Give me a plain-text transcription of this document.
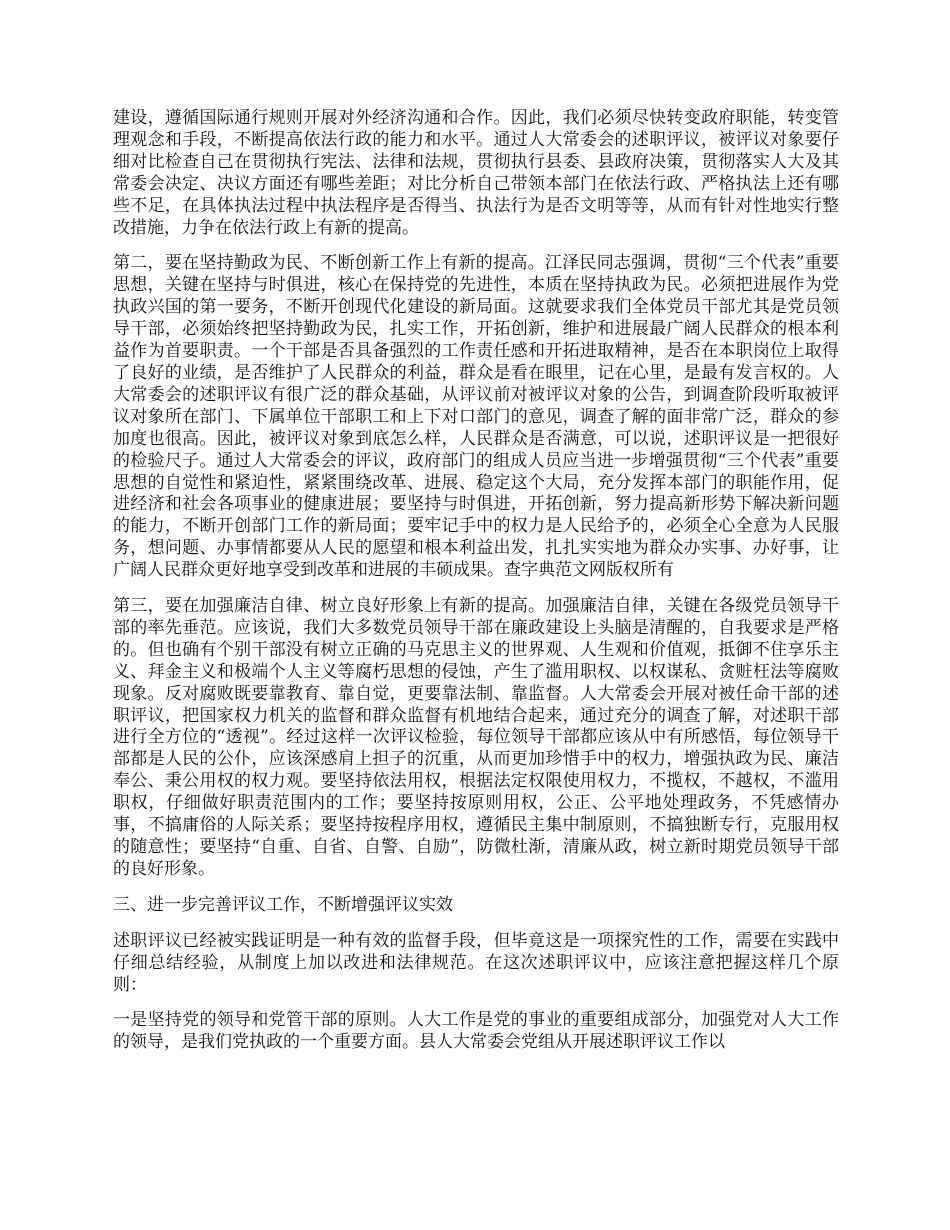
建设，遵循国际通行规则开展对外经济沟通和合作。因此，我们必须尽快转变政府职能，转变管理观念和手段，不断提高依法行政的能力和水平。通过人大常委会的述职评议，被评议对象要仔细对比检查自己在贯彻执行宪法、法律和法规，贯彻执行县委、县政府决策，贯彻落实人大及其常委会决定、决议方面还有哪些差距；对比分析自己带领本部门在依法行政、严格执法上还有哪些不足，在具体执法过程中执法程序是否得当、执法行为是否文明等等，从而有针对性地实行整改措施，力争在依法行政上有新的提高。

第二，要在坚持勤政为民、不断创新工作上有新的提高。江泽民同志强调，贯彻“三个代表”重要思想，关键在坚持与时俱进，核心在保持党的先进性，本质在坚持执政为民。必须把进展作为党执政兴国的第一要务，不断开创现代化建设的新局面。这就要求我们全体党员干部尤其是党员领导干部，必须始终把坚持勤政为民，扎实工作，开拓创新，维护和进展最广阔人民群众的根本利益作为首要职责。一个干部是否具备强烈的工作责任感和开拓进取精神，是否在本职岗位上取得了良好的业绩，是否维护了人民群众的利益，群众是看在眼里，记在心里，是最有发言权的。人大常委会的述职评议有很广泛的群众基础，从评议前对被评议对象的公告，到调查阶段听取被评议对象所在部门、下属单位干部职工和上下对口部门的意见，调查了解的面非常广泛，群众的参加度也很高。因此，被评议对象到底怎么样，人民群众是否满意，可以说，述职评议是一把很好的检验尺子。通过人大常委会的评议，政府部门的组成人员应当进一步增强贯彻“三个代表”重要思想的自觉性和紧迫性，紧紧围绕改革、进展、稳定这个大局，充分发挥本部门的职能作用，促进经济和社会各项事业的健康进展；要坚持与时俱进，开拓创新，努力提高新形势下解决新问题的能力，不断开创部门工作的新局面；要牢记手中的权力是人民给予的，必须全心全意为人民服务，想问题、办事情都要从人民的愿望和根本利益出发，扎扎实实地为群众办实事、办好事，让广阔人民群众更好地享受到改革和进展的丰硕成果。查字典范文网版权所有

第三，要在加强廉洁自律、树立良好形象上有新的提高。加强廉洁自律，关键在各级党员领导干部的率先垂范。应该说，我们大多数党员领导干部在廉政建设上头脑是清醒的，自我要求是严格的。但也确有个别干部没有树立正确的马克思主义的世界观、人生观和价值观，抵御不住享乐主义、拜金主义和极端个人主义等腐朽思想的侵蚀，产生了滥用职权、以权谋私、贪赃枉法等腐败现象。反对腐败既要靠教育、靠自觉，更要靠法制、靠监督。人大常委会开展对被任命干部的述职评议，把国家权力机关的监督和群众监督有机地结合起来，通过充分的调查了解，对述职干部进行全方位的“透视”。经过这样一次评议检验，每位领导干部都应该从中有所感悟，每位领导干部都是人民的公仆，应该深感肩上担子的沉重，从而更加珍惜手中的权力，增强执政为民、廉洁奉公、秉公用权的权力观。要坚持依法用权，根据法定权限使用权力，不揽权，不越权，不滥用职权，仔细做好职责范围内的工作；要坚持按原则用权，公正、公平地处理政务，不凭感情办事，不搞庸俗的人际关系；要坚持按程序用权，遵循民主集中制原则，不搞独断专行，克服用权的随意性；要坚持“自重、自省、自警、自励”，防微杜渐，清廉从政，树立新时期党员领导干部的良好形象。

三、进一步完善评议工作，不断增强评议实效

述职评议已经被实践证明是一种有效的监督手段，但毕竟这是一项探究性的工作，需要在实践中仔细总结经验，从制度上加以改进和法律规范。在这次述职评议中，应该注意把握这样几个原则：

一是坚持党的领导和党管干部的原则。人大工作是党的事业的重要组成部分，加强党对人大工作的领导，是我们党执政的一个重要方面。县人大常委会党组从开展述职评议工作以
